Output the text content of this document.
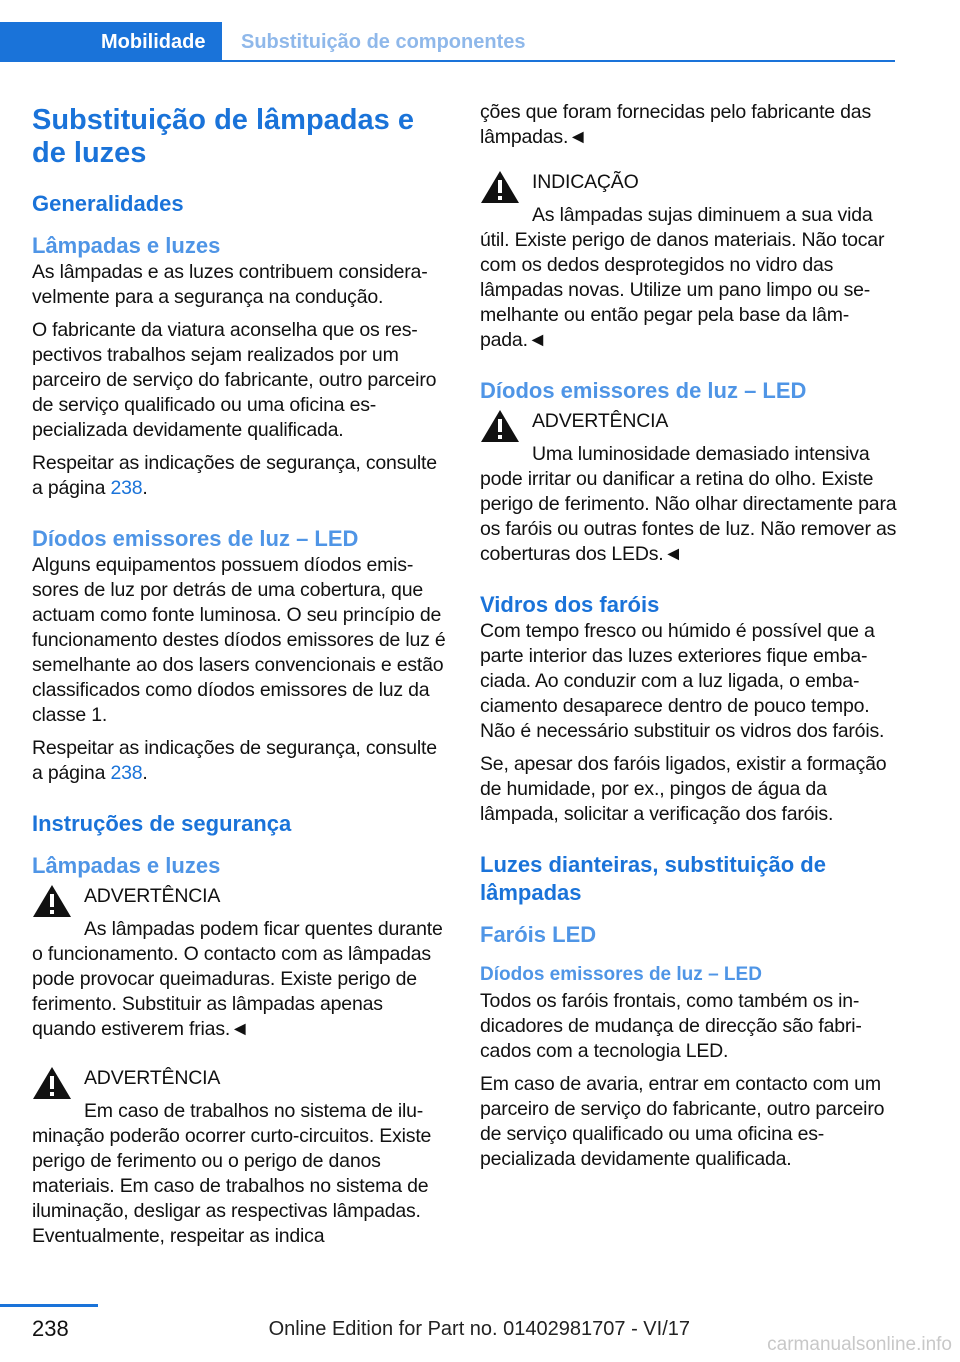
Mobilidade	Substituição de componentes
Substituição de lâmpadas e de luzes
Generalidades
Lâmpadas e luzes

As lâmpadas e as luzes contribuem consideravelmente para a segurança na condução.

O fabricante da viatura aconselha que os respectivos trabalhos sejam realizados por um parceiro de serviço do fabricante, outro parceiro de serviço qualificado ou uma oficina especializada devidamente qualificada.

Respeitar as indicações de segurança, consulte a página 238.

Díodos emissores de luz – LED

Alguns equipamentos possuem díodos emissores de luz por detrás de uma cobertura, que actuam como fonte luminosa. O seu princípio de funcionamento destes díodos emissores de luz é semelhante ao dos lasers convencionais e estão classificados como díodos emissores de luz da classe 1.

Respeitar as indicações de segurança, consulte a página 238.

Instruções de segurança
Lâmpadas e luzes
ADVERTÊNCIA
As lâmpadas podem ficar quentes durante o funcionamento. O contacto com as lâmpadas pode provocar queimaduras. Existe perigo de ferimento. Substituir as lâmpadas apenas quando estiverem frias.◄
ADVERTÊNCIA
Em caso de trabalhos no sistema de iluminação poderão ocorrer curto-circuitos. Existe perigo de ferimento ou o perigo de danos materiais. Em caso de trabalhos no sistema de iluminação, desligar as respectivas lâmpadas. Eventualmente, respeitar as indica

ções que foram fornecidas pelo fabricante das lâmpadas.◄

INDICAÇÃO
As lâmpadas sujas diminuem a sua vida útil. Existe perigo de danos materiais. Não tocar com os dedos desprotegidos no vidro das lâmpadas novas. Utilize um pano limpo ou semelhante ou então pegar pela base da lâmpada.◄
Díodos emissores de luz – LED
ADVERTÊNCIA
Uma luminosidade demasiado intensiva pode irritar ou danificar a retina do olho. Existe perigo de ferimento. Não olhar directamente para os faróis ou outras fontes de luz. Não remover as coberturas dos LEDs.◄
Vidros dos faróis

Com tempo fresco ou húmido é possível que a parte interior das luzes exteriores fique embaciada. Ao conduzir com a luz ligada, o embaciamento desaparece dentro de pouco tempo. Não é necessário substituir os vidros dos faróis.

Se, apesar dos faróis ligados, existir a formação de humidade, por ex., pingos de água da lâmpada, solicitar a verificação dos faróis.

Luzes dianteiras, substituição de lâmpadas
Faróis LED
Díodos emissores de luz – LED

Todos os faróis frontais, como também os indicadores de mudança de direcção são fabricados com a tecnologia LED.

Em caso de avaria, entrar em contacto com um parceiro de serviço do fabricante, outro parceiro de serviço qualificado ou uma oficina especializada devidamente qualificada.

238	Online Edition for Part no. 01402981707 - VI/17
carmanualsonline.info
